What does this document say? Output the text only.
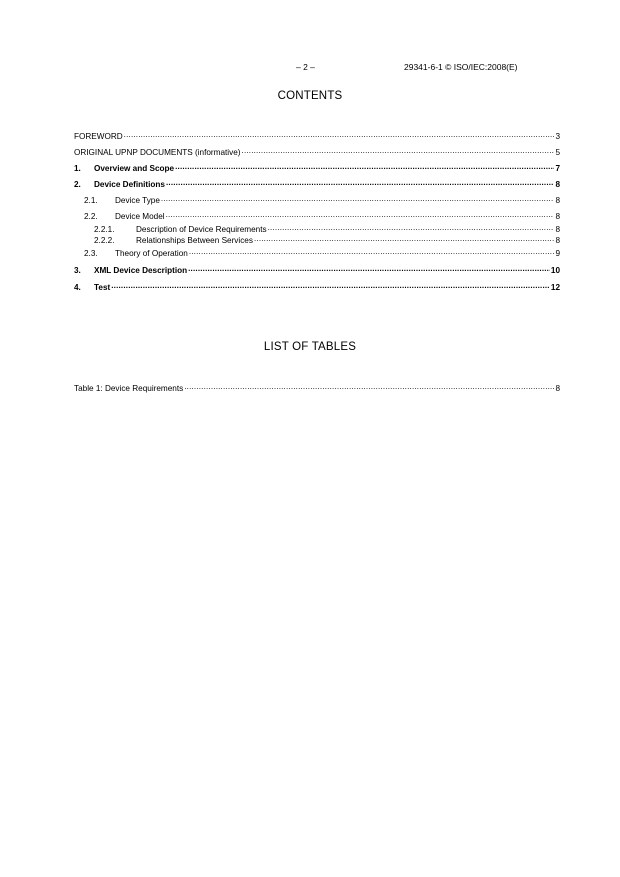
– 2 –	29341-6-1 © ISO/IEC:2008(E)
CONTENTS
FOREWORD .....	3
ORIGINAL UPNP DOCUMENTS (informative) .....	5
1.	Overview and Scope .....	7
2.	Device Definitions .....	8
2.1.	Device Type .....	8
2.2.	Device Model .....	8
2.2.1.	Description of Device Requirements .....	8
2.2.2.	Relationships Between Services .....	8
2.3.	Theory of Operation .....	9
3.	XML Device Description .....	10
4.	Test .....	12
LIST OF TABLES
Table 1: Device Requirements .....	8
